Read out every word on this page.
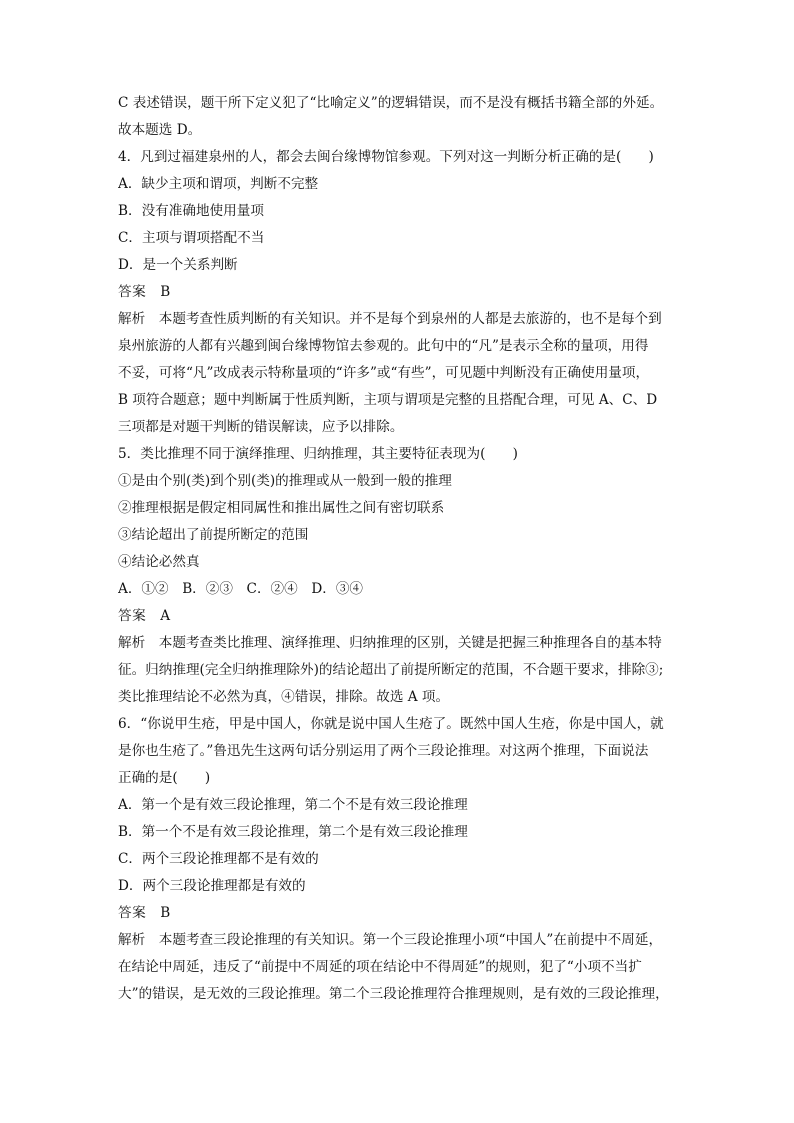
C 表述错误，题干所下定义犯了“比喻定义”的逻辑错误，而不是没有概括书籍全部的外延。
故本题选 D。
4．凡到过福建泉州的人，都会去闽台缘博物馆参观。下列对这一判断分析正确的是(　　)
A．缺少主项和谓项，判断不完整
B．没有准确地使用量项
C．主项与谓项搭配不当
D．是一个关系判断
答案　B
解析　本题考查性质判断的有关知识。并不是每个到泉州的人都是去旅游的，也不是每个到
泉州旅游的人都有兴趣到闽台缘博物馆去参观的。此句中的“凡”是表示全称的量项，用得
不妥，可将“凡”改成表示特称量项的“许多”或“有些”，可见题中判断没有正确使用量项，
B 项符合题意；题中判断属于性质判断，主项与谓项是完整的且搭配合理，可见 A、C、D
三项都是对题干判断的错误解读，应予以排除。
5．类比推理不同于演绎推理、归纳推理，其主要特征表现为(　　)
①是由个别(类)到个别(类)的推理或从一般到一般的推理
②推理根据是假定相同属性和推出属性之间有密切联系
③结论超出了前提所断定的范围
④结论必然真
A．①②　B．②③　C．②④　D．③④
答案　A
解析　本题考查类比推理、演绎推理、归纳推理的区别，关键是把握三种推理各自的基本特
征。归纳推理(完全归纳推理除外)的结论超出了前提所断定的范围，不合题干要求，排除③;
类比推理结论不必然为真，④错误，排除。故选 A 项。
6．“你说甲生疮，甲是中国人，你就是说中国人生疮了。既然中国人生疮，你是中国人，就
是你也生疮了。”鲁迅先生这两句话分别运用了两个三段论推理。对这两个推理，下面说法
正确的是(　　)
A．第一个是有效三段论推理，第二个不是有效三段论推理
B．第一个不是有效三段论推理，第二个是有效三段论推理
C．两个三段论推理都不是有效的
D．两个三段论推理都是有效的
答案　B
解析　本题考查三段论推理的有关知识。第一个三段论推理小项“中国人”在前提中不周延，
在结论中周延，违反了“前提中不周延的项在结论中不得周延”的规则，犯了“小项不当扩
大”的错误，是无效的三段论推理。第二个三段论推理符合推理规则，是有效的三段论推理，
